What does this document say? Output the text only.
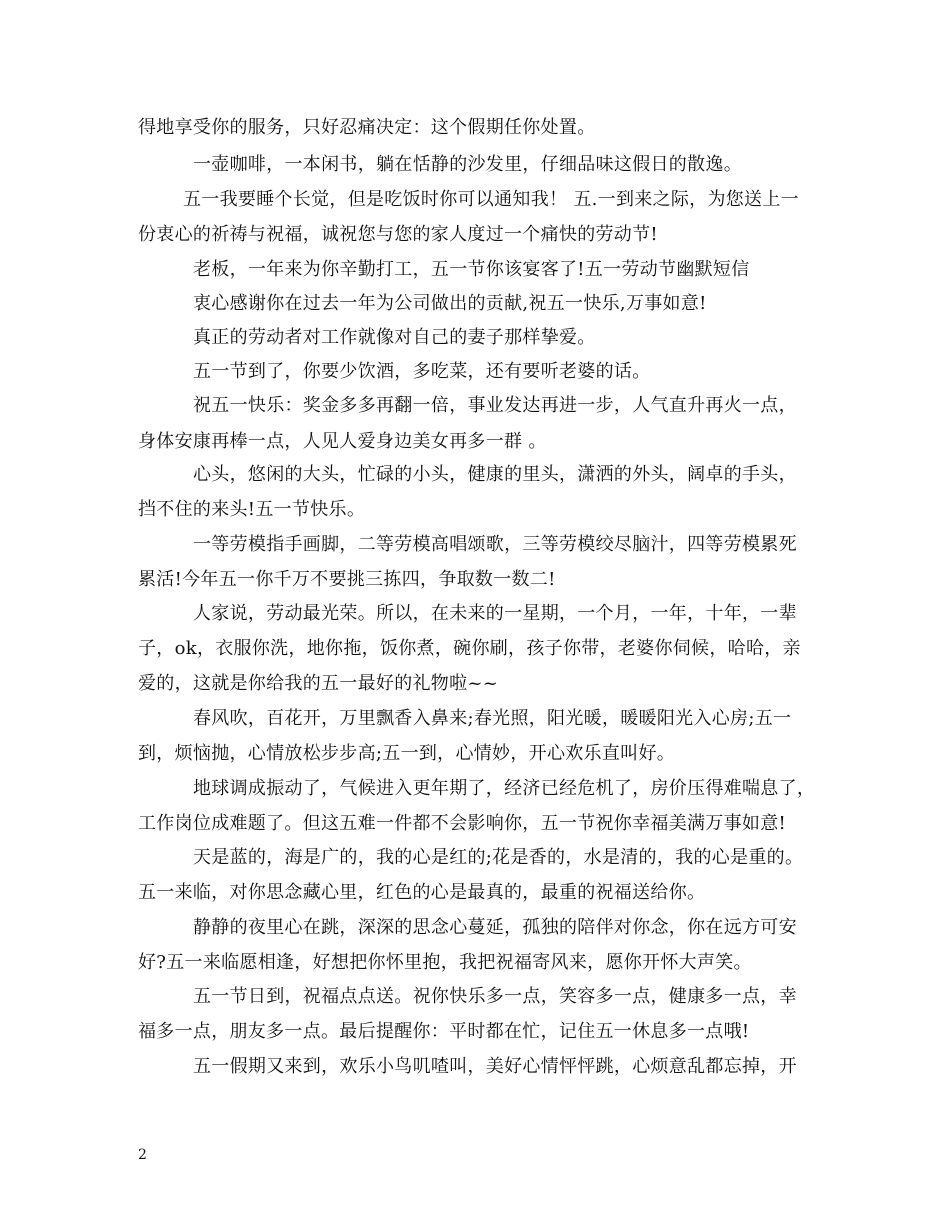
得地享受你的服务，只好忍痛决定：这个假期任你处置。
一壶咖啡，一本闲书，躺在恬静的沙发里，仔细品味这假日的散逸。
五一我要睡个长觉，但是吃饭时你可以通知我！ 五.一到来之际，为您送上一
份衷心的祈祷与祝福，诚祝您与您的家人度过一个痛快的劳动节!
老板，一年来为你辛勤打工，五一节你该宴客了!五一劳动节幽默短信
衷心感谢你在过去一年为公司做出的贡献,祝五一快乐,万事如意!
真正的劳动者对工作就像对自己的妻子那样挚爱。
五一节到了，你要少饮酒，多吃菜，还有要听老婆的话。
祝五一快乐：奖金多多再翻一倍，事业发达再进一步，人气直升再火一点，
身体安康再棒一点，人见人爱身边美女再多一群 。
心头，悠闲的大头，忙碌的小头，健康的里头，潇洒的外头，阔卓的手头，
挡不住的来头!五一节快乐。
一等劳模指手画脚，二等劳模高唱颂歌，三等劳模绞尽脑汁，四等劳模累死
累活!今年五一你千万不要挑三拣四，争取数一数二!
人家说，劳动最光荣。所以，在未来的一星期，一个月，一年，十年，一辈
子，ok，衣服你洗，地你拖，饭你煮，碗你刷，孩子你带，老婆你伺候，哈哈，亲
爱的，这就是你给我的五一最好的礼物啦~~
春风吹，百花开，万里飘香入鼻来;春光照，阳光暖，暖暖阳光入心房;五一
到，烦恼抛，心情放松步步高;五一到，心情妙，开心欢乐直叫好。
地球调成振动了，气候进入更年期了，经济已经危机了，房价压得难喘息了，
工作岗位成难题了。但这五难一件都不会影响你，五一节祝你幸福美满万事如意!
天是蓝的，海是广的，我的心是红的;花是香的，水是清的，我的心是重的。
五一来临，对你思念藏心里，红色的心是最真的，最重的祝福送给你。
静静的夜里心在跳，深深的思念心蔓延，孤独的陪伴对你念，你在远方可安
好?五一来临愿相逢，好想把你怀里抱，我把祝福寄风来，愿你开怀大声笑。
五一节日到，祝福点点送。祝你快乐多一点，笑容多一点，健康多一点，幸
福多一点，朋友多一点。最后提醒你：平时都在忙，记住五一休息多一点哦!
五一假期又来到，欢乐小鸟叽喳叫，美好心情怦怦跳，心烦意乱都忘掉，开
2
